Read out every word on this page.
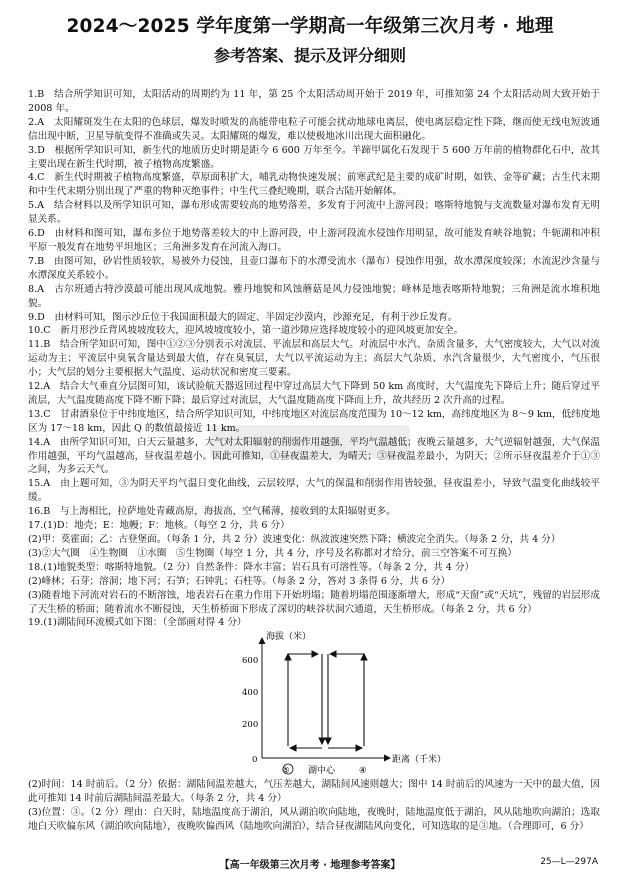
2024～2025 学年度第一学期高一年级第三次月考 · 地理
参考答案、提示及评分细则

1.B　结合所学知识可知，太阳活动的周期约为 11 年，第 25 个太阳活动周开始于 2019 年，可推知第 24 个太阳活动周大致开始于 2008 年。

2.A　太阳耀斑发生在太阳的色球层，爆发时喷发的高能带电粒子可能会扰动地球电离层，使电离层稳定性下降，继而使无线电短波通信出现中断，卫星导航变得不准确或失灵。太阳耀斑的爆发，难以使极地冰川出现大面积融化。

3.D　根据所学知识可知，新生代的地质历史时期是距今 6 600 万年至今。羊蹄甲属化石发现于 5 600 万年前的植物群化石中，故其主要出现在新生代时期，被子植物高度繁盛。

4.C　新生代时期被子植物高度繁盛，草原面积扩大，哺乳动物快速发展；前寒武纪是主要的成矿时期，如铁、金等矿藏；古生代末期和中生代末期分别出现了严重的物种灭绝事件；中生代三叠纪晚期，联合古陆开始解体。

5.A　结合材料以及所学知识可知，瀑布形成需要较高的地势落差，多发育于河流中上游河段；喀斯特地貌与支流数量对瀑布发育无明显关系。

6.D　由材料和图可知，瀑布多位于地势落差较大的中上游河段，中上游河段流水侵蚀作用明显，故可能发育峡谷地貌；牛轭湖和冲积平原一般发育在地势平坦地区；三角洲多发育在河流入海口。

7.B　由图可知，砂岩性质较软，易被外力侵蚀，且壶口瀑布下的水潭受流水（瀑布）侵蚀作用强，故水潭深度较深；水流泥沙含量与水潭深度关系较小。

8.A　古尔班通古特沙漠最可能出现风成地貌。雅丹地貌和风蚀蘑菇是风力侵蚀地貌；峰林是地表喀斯特地貌；三角洲是流水堆积地貌。

9.D　由材料可知，图示沙丘位于我国面积最大的固定、半固定沙漠内，沙源充足，有利于沙丘发育。

10.C　新月形沙丘背风坡坡度较大，迎风坡坡度较小，第一道沙障应选择坡度较小的迎风坡更加安全。

11.B　结合所学知识可知，图中①②③分别表示对流层、平流层和高层大气。对流层中水汽、杂质含量多，大气密度较大，大气以对流运动为主；平流层中臭氧含量达到最大值，存在臭氧层，大气以平流运动为主；高层大气杂质、水汽含量很少，大气密度小，气压很小；大气层的划分主要根据大气温度、运动状况和密度三要素。

12.A　结合大气垂直分层图可知，该试验航天器返回过程中穿过高层大气下降到 50 km 高度时，大气温度先下降后上升；随后穿过平流层，大气温度随高度下降不断下降；最后穿过对流层，大气温度随高度下降而上升，故共经历 2 次升高的过程。

13.C　甘肃酒泉位于中纬度地区，结合所学知识可知，中纬度地区对流层高度范围为 10～12 km，高纬度地区为 8～9 km，低纬度地区为 17～18 km，因此 Q 的数值最接近 11 km。

14.A　由所学知识可知，白天云量越多，大气对太阳辐射的削弱作用越强，平均气温越低；夜晚云量越多，大气逆辐射越强，大气保温作用越强，平均气温越高，昼夜温差越小。因此可推知，①昼夜温差大，为晴天；③昼夜温差最小，为阴天；②所示昼夜温差介于①③之间，为多云天气。

15.A　由上题可知，③为阴天平均气温日变化曲线，云层较厚，大气的保温和削弱作用皆较强，昼夜温差小，导致气温变化曲线较平缓。

16.B　与上海相比，拉萨地处青藏高原，海拔高，空气稀薄，接收到的太阳辐射更多。

17.(1)D：地壳；E：地幔；F：地核。（每空 2 分，共 6 分）

(2)甲：莫霍面；乙：古登堡面。（每条 1 分，共 2 分）波速变化：纵波波速突然下降；横波完全消失。（每条 2 分，共 4 分）

(3)②大气圈　④生物圈　①水圈　⑤生物圈（每空 1 分，共 4 分，序号及名称都对才给分，前三空答案不可互换）

18.(1)地貌类型：喀斯特地貌。（2 分）自然条件：降水丰富；岩石具有可溶性等。（每条 2 分，共 4 分）

(2)峰林；石芽；溶洞；地下河；石笋；石钟乳；石柱等。（每条 2 分，答对 3 条得 6 分，共 6 分）

(3)随着地下河流对岩石的不断溶蚀，地表岩石在重力作用下开始坍塌；随着坍塌范围逐渐增大，形成“天窗”或“天坑”，残留的岩层形成了天生桥的桥面；随着流水不断侵蚀，天生桥桥面下形成了深切的峡谷状洞穴通道，天生桥形成。（每条 2 分，共 6 分）

19.(1)湖陆间环流模式如下图：（全部画对得 4 分）

海拔（米）
距离（千米）
600
400
200
0
⑤ 湖中心	④

(2)时间：14 时前后。（2 分）依据：湖陆间温差越大，气压差越大，湖陆间风速则越大；图中 14 时前后的风速为一天中的最大值，因此可推知 14 时前后湖陆间温差最大。（每条 2 分，共 4 分）

(3)位置：③。（2 分）理由：白天时，陆地温度高于湖泊，风从湖泊吹向陆地，夜晚时，陆地温度低于湖泊，风从陆地吹向湖泊；选取地白天吹偏东风（湖泊吹向陆地），夜晚吹偏西风（陆地吹向湖泊），结合昼夜湖陆风向变化，可知选取的是③地。（合理即可，6 分）

【高一年级第三次月考 · 地理参考答案】	25—L—297A
